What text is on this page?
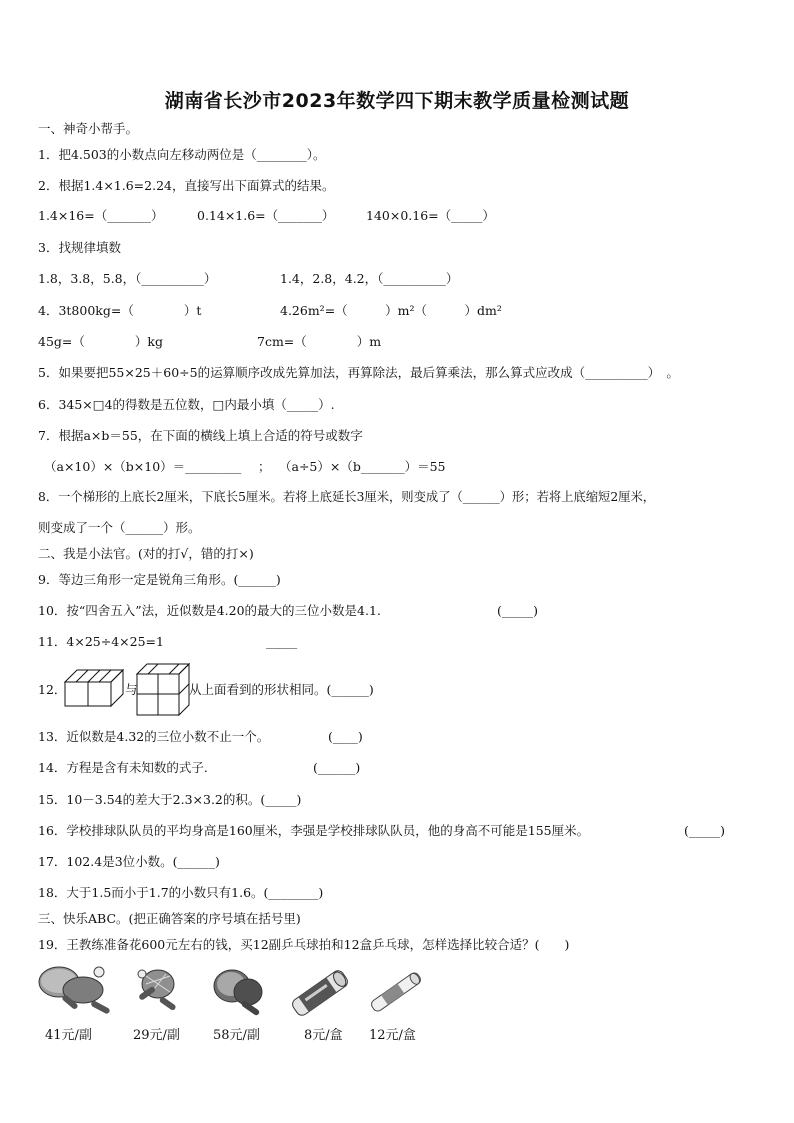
湖南省长沙市2023年数学四下期末教学质量检测试题
一、神奇小帮手。
1．把4.503的小数点向左移动两位是（________）。
2．根据1.4×1.6=2.24，直接写出下面算式的结果。
1.4×16=（_______）	0.14×1.6=（_______）	140×0.16=（_____）
3．找规律填数
1.8，3.8，5.8，（__________）	1.4，2.8，4.2，（__________）
4．3t800kg=（　　　　）t	4.26m²=（　　　）m²（　　　）dm²
45g=（　　　　）kg	7cm=（　　　　）m
5．如果要把55×25＋60÷5的运算顺序改成先算加法，再算除法，最后算乘法，那么算式应改成（__________）　。
6．345×□4的得数是五位数，□内最小填（_____）.
7．根据a×b＝55，在下面的横线上填上合适的符号或数字
（a×10）×（b×10）＝_________ ； （a÷5）×（b_______）＝55
8．一个梯形的上底长2厘米，下底长5厘米。若将上底延长3厘米，则变成了（______）形；若将上底缩短2厘米，
则变成了一个（______）形。
二、我是小法官。(对的打√，错的打×)
9．等边三角形一定是锐角三角形。(______)
10．按“四舍五入”法，近似数是4.20的最大的三位小数是4.1.	(_____)
11．4×25÷4×25=1	_____
12．	与	从上面看到的形状相同。(______)
13．近似数是4.32的三位小数不止一个。	(____)
14．方程是含有未知数的式子.	(______)
15．10－3.54的差大于2.3×3.2的积。(_____)
16．学校排球队队员的平均身高是160厘米，李强是学校排球队队员，他的身高不可能是155厘米。	(_____)
17．102.4是3位小数。(______)
18．大于1.5而小于1.7的小数只有1.6。(________)
三、快乐ABC。(把正确答案的序号填在括号里)
19．王教练准备花600元左右的钱，买12副乒乓球拍和12盒乒乓球，怎样选择比较合适？(　　)
41元/副	29元/副	58元/副	8元/盒 12元/盒
